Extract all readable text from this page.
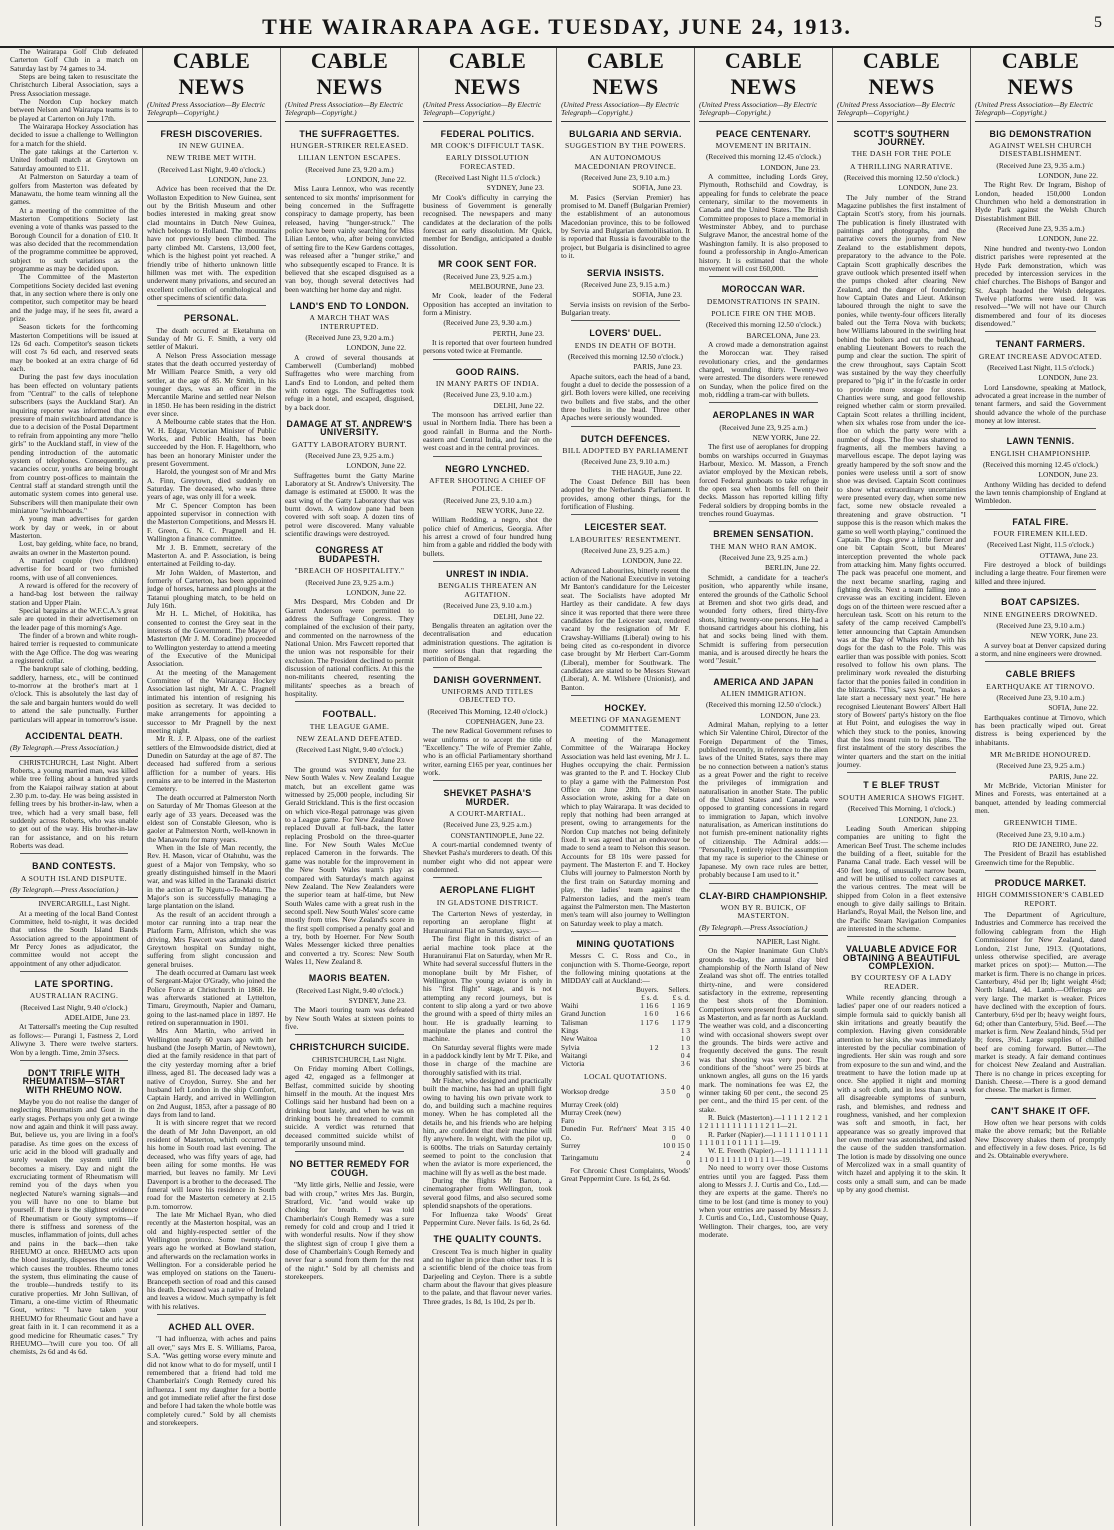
THE WAIRARAPA AGE. TUESDAY, JUNE 24, 1913.	5

The Wairarapa Golf Club defeated Carterton Golf Club in a match on Saturday last by 74 games to 34.

Steps are being taken to resuscitate the Christchurch Liberal Association, says a Press Association message.

The Nordon Cup hockey match between Nelson and Wairarapa teams is to be played at Carterton on July 17th.

The Wairarapa Hockey Association has decided to issue a challenge to Wellington for a match for the shield.

The gate takings at the Carterton v. United football match at Greytown on Saturday amounted to £11.

At Palmerston on Saturday a team of golfers from Masterton was defeated by Manawatu, the home team winning all the games.

At a meeting of the committee of the Masterton Competitions Society last evening a vote of thanks was passed to the Borough Council for a donation of £10. It was also decided that the recommendation of the programme committee be approved, subject to such variations as the programme as may be decided upon.

The Committee of the Masterton Competitions Society decided last evening that, in any section where there is only one competitor, such competitor may be heard and the judge may, if he sees fit, award a prize.

Season tickets for the forthcoming Masterton Competitions will be issued at 12s 6d each. Competitor's season tickets will cost 7s 6d each, and reserved seats may be booked at an extra charge of 6d each.

During the past few days inoculation has been effected on voluntary patients from "Central" to the calls of telephone subscribers (says the Auckland Star). An inquiring reporter was informed that the pressure of main switchboard attendance is due to a decision of the Postal Department to refrain from appointing any more "hello girls" to the Auckland staff, in view of the pending introduction of the automatic system of telephones. Consequently, as vacancies occur, youths are being brought from country post-offices to maintain the Central staff at standard strength until the automatic system comes into general use. Subscribers will then manipulate their own miniature "switchboards."

A young man advertises for garden work by day or week, in or about Masterton.

Lost, bay gelding, white face, no brand, awaits an owner in the Masterton pound.

A married couple (two children) advertise for board or two furnished rooms, with use of all conveniences.

A reward is offered for the recovery of a hand-bag lost between the railway station and Upper Plain.

Special bargains at the W.F.C.A.'s great sale are quoted in their advertisement on the leader page of this morning's Age.

The finder of a brown and white rough-haired terrier is requested to communicate with the Age Office. The dog was wearing a registered collar.

The bankrupt sale of clothing, bedding, saddlery, harness, etc., will be continued to-morrow at the brother's mart at 1 o'clock. This is absolutely the last day of the sale and bargain hunters would do well to attend the sale punctually. Further particulars will appear in tomorrow's issue.

ACCIDENTAL DEATH.
(By Telegraph.—Press Association.)

CHRISTCHURCH, Last Night. Albert Roberts, a young married man, was killed while tree felling about a hundred yards from the Kaiapoi railway station at about 2.30 p.m. to-day. He was being assisted in felling trees by his brother-in-law, when a tree, which had a very small base, fell suddenly across Roberts, who was unable to get out of the way. His brother-in-law ran for assistance, and on his return Roberts was dead.

BAND CONTESTS.
A SOUTH ISLAND DISPUTE.
(By Telegraph.—Press Association.)
INVERCARGILL, Last Night.

At a meeting of the local Band Contest Committee, held to-night, it was decided that unless the South Island Bands Association agreed to the appointment of Mr Percy Jones as adjudicator, the committee would not accept the appointment of any other adjudicator.

LATE SPORTING.
AUSTRALIAN RACING.
(Received Last Night, 9.40 o'clock.)
ADELAIDE, June 23.

At Tattersall's meeting the Cup resulted as follows:— Purangi 1, Fastness 2, Lord Aliwyne 3. There were twelve starters. Won by a length. Time, 2min 37secs.

DON'T TRIFLE WITH RHEUMATISM—START WITH RHEUMO NOW.

Maybe you do not realise the danger of neglecting Rheumatism and Gout in the early stages. Perhaps you only get a twinge now and again and think it will pass away. But, believe us, you are living in a fool's paradise. As time goes on the excess of uric acid in the blood will gradually and surely weaken the system until life becomes a misery. Day and night the excruciating torment of Rheumatism will remind you of the days when you neglected Nature's warning signals—and you will have no one to blame but yourself. If there is the slightest evidence of Rheumatism or Gouty symptoms—if there is stiffness and soreness of the muscles, inflammation of joints, dull aches and pains in the back—then take RHEUMO at once. RHEUMO acts upon the blood instantly, disperses the uric acid which causes the troubles. Rheumo tones the system, thus eliminating the cause of the trouble—hundreds testify to its curative properties. Mr John Sullivan, of Timaru, a one-time victim of Rheumatic Gout, writes: "I have taken your RHEUMO for Rheumatic Gout and have a great faith in it. I can recommend it as a good medicine for Rheumatic cases." Try RHEUMO—'twill cure you too. Of all chemists, 2s 6d and 4s 6d.

CABLE NEWS
(United Press Association—By Electric Telegraph—Copyright.)
FRESH DISCOVERIES.
IN NEW GUINEA.
NEW TRIBE MET WITH.
(Received Last Night, 9.40 o'clock.)
LONDON, June 23.

Advice has been received that the Dr. Wollaston Expedition to New Guinea, sent out by the British Museum and other bodies interested in making great snow clad mountains in Dutch New Guinea, which belongs to Holland. The mountains have not previously been climbed. The party climbed Mt. Carstens, 13,000 feet, which is the highest point yet reached. A friendly tribe of hitherto unknown little hillmen was met with. The expedition underwent many privations, and secured an excellent collection of ornithological and other specimens of scientific data.

PERSONAL.

The death occurred at Eketahuna on Sunday of Mr G. F. Smith, a very old settler of Makuri.

A Nelson Press Association message states that the death occurred yesterday of Mr William Pearce Smith, a very old settler, at the age of 85. Mr Smith, in his younger days, was an officer in the Mercantile Marine and settled near Nelson in 1850. He has been residing in the district ever since.

A Melbourne cable states that the Hon. W. H. Edgar, Victorian Minister of Public Works, and Public Health, has been succeeded by the Hon. F. Hagelthorn, who has been an honorary Minister under the present Government.

Harold, the youngest son of Mr and Mrs A. Finn, Greytown, died suddenly on Saturday. The deceased, who was three years of age, was only ill for a week.

Mr C. Spencer Compton has been appointed supervisor in connection with the Masterton Competitions, and Messrs H. F. Green, G. N. C. Pragnell and H. Wallington a finance committee.

Mr J. B. Emmett, secretary of the Masterton A. and P. Association, is being entertained at Feilding to-day.

Mr John Walden, of Masterton, and formerly of Carterton, has been appointed judge of horses, harness and ploughs at the Tatanui ploughing match, to be held on July 16th.

Mr H. L. Michel, of Hokitika, has consented to contest the Grey seat in the interests of the Government. The Mayor of Masterton (Mr J. M. Coradine) proceeded to Wellington yesterday to attend a meeting of the Executive of the Municipal Association.

At the meeting of the Management Committee of the Wairarapa Hockey Association last night, Mr A. C. Pragnell intimated his intention of resigning his position as secretary. It was decided to make arrangements for appointing a successor to Mr Pragnell by the next meeting night.

Mr R. J. P. Alpass, one of the earliest settlers of the Elmwoodside district, died at Dunedin on Saturday at the age of 87. The deceased had suffered from a serious affliction for a number of years. His remains are to be interred in the Masterton Cemetery.

The death occurred at Palmerston North on Saturday of Mr Thomas Gleeson at the early age of 33 years. Deceased was the eldest son of Constable Gleeson, who is gaoler at Palmerston North, well-known in the Manawatu for many years.

When in the Isle of Man recently, the Rev. H. Mason, vicar of Otahuhu, was the guest of a Major von Tempsky, who so greatly distinguished himself in the Maori war, and was killed in the Taranaki district in the action at Te Ngutu-o-Te-Manu. The Major's son is successfully managing a large plantation on the island.

As the result of an accident through a motor car running into a trap near the Platform Farm, Alfriston, which she was driving, Mrs Fawcett was admitted to the Greytown hospital on Sunday night, suffering from slight concussion and general bruises.

The death occurred at Oamaru last week of Sergeant-Major O'Grady, who joined the Police Force at Christchurch in 1868. He was afterwards stationed at Lyttelton, Timaru, Greymouth, Napier and Oamaru, going to the last-named place in 1897. He retired on superannuation in 1901.

Mrs Ann Martin, who arrived in Wellington nearly 60 years ago with her husband (the Joseph Martin, of Newtown), died at the family residence in that part of the city yesterday morning after a brief illness, aged 81. The deceased lady was a native of Croydon, Surrey. She and her husband left London in the ship Comfort, Captain Hardy, and arrived in Wellington on 2nd August, 1853, after a passage of 80 days from land to land.

It is with sincere regret that we record the death of Mr John Davenport, an old resident of Masterton, which occurred at his home in South road last evening. The deceased, who was fifty years of age, had been ailing for some months. He was married, but leaves no family. Mr Levi Davenport is a brother to the deceased. The funeral will leave his residence in South road for the Masterton cemetery at 2.15 p.m. tomorrow.

The late Mr Michael Ryan, who died recently at the Masterton hospital, was an old and highly-respected settler of the Wellington province. Some twenty-four years ago he worked at Bowland station, and afterwards on the reclamation works in Wellington. For a considerable period he was employed on stations on the Taueru-Brancepeth section of road and this caused his death. Deceased was a native of Ireland and leaves a widow. Much sympathy is felt with his relatives.

ACHED ALL OVER.

"I had influenza, with aches and pains all over," says Mrs E. S. Williams, Paroa, S.A. "Was getting worse every minute and did not know what to do for myself, until I remembered that a friend had told me Chamberlain's Cough Remedy cured his influenza. I sent my daughter for a bottle and got immediate relief after the first dose and before I had taken the whole bottle was completely cured." Sold by all chemists and storekeepers.

CABLE NEWS
(United Press Association—By Electric Telegraph—Copyright.)
THE SUFFRAGETTES.
HUNGER-STRIKER RELEASED.
LILIAN LENTON ESCAPES.
(Received June 23, 9.20 a.m.)
LONDON, June 22.

Miss Laura Lennox, who was recently sentenced to six months' imprisonment for being concerned in the Suffragette conspiracy to damage property, has been released, having "hunger-struck." The police have been vainly searching for Miss Lilian Lenton, who, after being convicted of setting fire to the Kew Gardens cottages, was released after a "hunger strike," and who subsequently escaped to France. It is believed that she escaped disguised as a van boy, though several detectives had been watching her home day and night.

LAND'S END TO LONDON.
A MARCH THAT WAS INTERRUPTED.
(Received June 23, 9.20 a.m.)
LONDON, June 22.

A crowd of several thousands at Camberwell (Cumberland) mobbed Suffragettes who were marching from Land's End to London, and pelted them with rotten eggs. The Suffragettes took refuge in a hotel, and escaped, disguised, by a back door.

DAMAGE AT ST. ANDREW'S UNIVERSITY.
GATTY LABORATORY BURNT.
(Received June 23, 9.25 a.m.)
LONDON, June 22.

Suffragettes burnt the Gatty Marine Laboratory at St. Andrew's University. The damage is estimated at £5000. It was the east wing of the Gatty Laboratory that was burnt down. A window pane had been covered with soft soap. A dozen tins of petrol were discovered. Many valuable scientific drawings were destroyed.

CONGRESS AT BUDAPESTH.
"BREACH OF HOSPITALITY."
(Received June 23, 9.25 a.m.)
LONDON, June 22.

Mrs Despard, Mrs Cobden and Dr Garrett Anderson were permitted to address the Suffrage Congress. They complained of the exclusion of their party, and commented on the narrowness of the National Union. Mrs Fawcett reported that the union was not responsible for their exclusion. The President declined to permit discussion of national conflicts. At this the non-militants cheered, resenting the militants' speeches as a breach of hospitality.

FOOTBALL.
THE LEAGUE GAME.
NEW ZEALAND DEFEATED.
(Received Last Night, 9.40 o'clock.)
SYDNEY, June 23.

The ground was very muddy for the New South Wales v. New Zealand League match, but an excellent game was witnessed by 25,000 people, including Sir Gerald Strickland. This is the first occasion on which vice-Regal patronage was given to a League game. For New Zealand Rowe replaced Duvall at full-back, the latter replacing Prosbold on the three-quarter line. For New South Wales McCue replaced Cameron in the forwards. The game was notable for the improvement in the New South Wales team's play as compared with Saturday's match against New Zealand. The New Zealanders were the superior team at half-time, but New South Wales came with a great rush in the second spell. New South Wales' score came mostly from tries. New Zealand's score in the first spell comprised a penalty goal and a try, both by Hoerner. For New South Wales Messenger kicked three penalties and converted a try. Scores: New South Wales 11, New Zealand 8.

MAORIS BEATEN.
(Received Last Night, 9.40 o'clock.)
SYDNEY, June 23.

The Maori touring team was defeated by New South Wales at sixteen points to five.

CHRISTCHURCH SUICIDE.
CHRISTCHURCH, Last Night.

On Friday morning Albert Collings, aged 42, engaged as a fellmonger at Belfast, committed suicide by shooting himself in the mouth. At the inquest Mrs Collings said her husband had been on a drinking bout lately, and when he was on drinking bouts he threatened to commit suicide. A verdict was returned that deceased committed suicide whilst of temporarily unsound mind.

NO BETTER REMEDY FOR COUGH.

"My little girls, Nellie and Jessie, were bad with croup," writes Mrs Jas. Burgin, Stratford, Vic. "and would wake up choking for breath. I was told Chamberlain's Cough Remedy was a sure remedy for cold and croup and I tried it with wonderful results. Now if they show the slightest sign of croup I give them a dose of Chamberlain's Cough Remedy and never fear a sound from them for the rest of the night." Sold by all chemists and storekeepers.

CABLE NEWS
(United Press Association—By Electric Telegraph—Copyright.)
FEDERAL POLITICS.
MR COOK'S DIFFICULT TASK.
EARLY DISSOLUTION FORECASTED.
(Received Last Night 11.5 o'clock.)
SYDNEY, June 23.

Mr Cook's difficulty in carrying the business of Government is generally recognised. The newspapers and many candidates at the declaration of the polls forecast an early dissolution. Mr Quick, member for Bendigo, anticipated a double dissolution.

MR COOK SENT FOR.
(Received June 23, 9.25 a.m.)
MELBOURNE, June 23.

Mr Cook, leader of the Federal Opposition has accepted an invitation to form a Ministry.

(Received June 23, 9.30 a.m.)
PERTH, June 23.

It is reported that over fourteen hundred persons voted twice at Fremantle.

GOOD RAINS.
IN MANY PARTS OF INDIA.
(Received June 23, 9.10 a.m.)
DELHI, June 22.

The monsoon has arrived earlier than usual in Northern India. There has been a good rainfall in Burma and the North-eastern and Central India, and fair on the west coast and in the central provinces.

NEGRO LYNCHED.
AFTER SHOOTING A CHIEF OF POLICE.
(Received June 23, 9.10 a.m.)
NEW YORK, June 22.

William Redding, a negro, shot the police chief of Americus, Georgia. After his arrest a crowd of four hundred hung him from a gable and riddled the body with bullets.

UNREST IN INDIA.
BENGALIS THREATEN AN AGITATION.
(Received June 23, 9.10 a.m.)
DELHI, June 22.

Bengalis threaten an agitation over the decentralisation and education administration questions. The agitation is more serious than that regarding the partition of Bengal.

DANISH GOVERNMENT.
UNIFORMS AND TITLES OBJECTED TO.
(Received This Morning, 12.40 o'clock.)
COPENHAGEN, June 23.

The new Radical Government refuses to wear uniforms or to accept the title of "Excellency." The wife of Premier Zahle, who is an official Parliamentary shorthand writer, earning £165 per year, continues her work.

SHEVKET PASHA'S MURDER.
A COURT-MARTIAL.
(Received June 23, 9.25 a.m.)
CONSTANTINOPLE, June 22.

A court-martial condemned twenty of Shevket Pasha's murderers to death. Of this number eight who did not appear were condemned.

AEROPLANE FLIGHT
IN GLADSTONE DISTRICT.

The Carterton News of yesterday, in reporting an aeroplane flight at Huranuiranui Flat on Saturday, says:—

The first flight in this district of an aerial machine took place at the Huranuiranui Flat on Saturday, when Mr R. White had several successful flutters in the monoplane built by Mr Fisher, of Wellington. The young aviator is only in his "first flight" stage, and is not attempting any record journeys, but is content to slip along a yard or two above the ground with a speed of thirty miles an hour. He is gradually learning to manipulate the planes and control the machine.

On Saturday several flights were made in a paddock kindly lent by Mr T. Pike, and those in charge of the machine are thoroughly satisfied with its trial.

Mr Fisher, who designed and practically built the machine, has had an uphill fight owing to having his own private work to do, and building such a machine requires money. When he has completed all the details he, and his friends who are helping him, are confident that their machine will fly anywhere. In weight, with the pilot up, is 600lbs. The trials on Saturday certainly seemed to point to the conclusion that when the aviator is more experienced, the machine will fly as well as the best made.

During the flights Mr Barton, a cinematographer from Wellington, took several good films, and also secured some splendid snapshots of the operations.

For Influenza take Woods' Great Peppermint Cure. Never fails. 1s 6d, 2s 6d.

THE QUALITY COUNTS.

Crescent Tea is much higher in quality and no higher in price than other teas. It is a scientific blend of the choice teas from Darjeeling and Ceylon. There is a subtle charm about the flavour that gives pleasure to the palate, and that flavour never varies. Three grades, 1s 8d, 1s 10d, 2s per lb.

CABLE NEWS
(United Press Association—By Electric Telegraph—Copyright.)
BULGARIA AND SERVIA.
SUGGESTION BY THE POWERS.
AN AUTONOMOUS MACEDONIAN PROVINCE.
(Received June 23, 9.10 a.m.)
SOFIA, June 23.

M. Pasics (Servian Premier) has promised to M. Daneff (Bulgarian Premier) the establishment of an autonomous Macedonian province, this to be followed by Servia and Bulgarian demobilisation. It is reported that Russia is favourable to the project, but Bulgaria is disinclined to agree to it.

SERVIA INSISTS.
(Received June 23, 9.15 a.m.)
SOFIA, June 23.

Servia insists on revision of the Serbo-Bulgarian treaty.

LOVERS' DUEL.
ENDS IN DEATH OF BOTH.
(Received this morning 12.50 o'clock.)
PARIS, June 23.

Apache suitors, each the head of a band, fought a duel to decide the possession of a girl. Both lovers were killed, one receiving two bullets and five stabs, and the other three bullets in the head. Three other Apaches were seriously wounded.

DUTCH DEFENCES.
BILL ADOPTED BY PARLIAMENT
(Received June 23, 9.10 a.m.)
THE HAGUE, June 22.

The Coast Defence Bill has been adopted by the Netherlands Parliament. It provides, among other things, for the fortification of Flushing.

LEICESTER SEAT.
LABOURITES' RESENTMENT.
(Received June 23, 9.25 a.m.)
LONDON, June 22.

Advanced Labourites, bitterly resent the action of the National Executive in vetoing Mr Banton's candidature for the Leicester seat. The Socialists have adopted Mr Hartley as their candidate. A few days since it was reported that there were three candidates for the Leicester seat, rendered vacant by the resignation of Mr F. Crawshay-Williams (Liberal) owing to his being cited as co-respondent in divorce case brought by Mr Herbert Carr-Gomm (Liberal), member for Southwark. The candidates are stated to be Messrs Stewart (Liberal), A. M. Wilshere (Unionist), and Banton.

HOCKEY.
MEETING OF MANAGEMENT COMMITTEE.

A meeting of the Management Committee of the Wairarapa Hockey Association was held last evening, Mr J. L. Hughes occupying the chair. Permission was granted to the P. and T. Hockey Club to play a game with the Palmerston Post Office on June 28th. The Nelson Association wrote, asking for a date on which to play Wairarapa. It was decided to reply that nothing had been arranged at present, owing to arrangements for the Nordon Cup matches not being definitely fixed. It was agreed that an endeavour be made to send a team to Nelson this season. Accounts for £8 10s were passed for payment. The Masterton F. and T. Hockey Clubs will journey to Palmerston North by the first train on Saturday morning and play, the ladies' team against the Palmerston ladies, and the men's team against the Palmerston men. The Masterton men's team will also journey to Wellington on Saturday week to play a match.

MINING QUOTATIONS

Messrs C. C. Ross and Co., in conjunction with S. Thorne-George, report the following mining quotations at the MIDDAY call at Auckland:—

	Buyers.	Sellers.
	£ s. d.	£ s. d.
Waihi	1 16 6	1 16 9
Grand Junction	1 6 0	1 6 6
Talisman	1 17 6	1 17 9
Kings		1 3
New Waitoa		1 0
Sylvia	1 2	1 3
Waitangi		0 4
Victoria		3 6
LOCAL QUOTATIONS.
Worksop dredge	3 5 0	4 0 0
Murray Creek (old)		
Murray Creek (new)		
Faro		
Dunedin Fur. Refr'ners' Meat Co.	3 15 0	4 0 0
Surrey	10 0	15 0
Taringamutu		2 4 0

For Chronic Chest Complaints, Woods' Great Peppermint Cure. 1s 6d, 2s 6d.

CABLE NEWS
(United Press Association—By Electric Telegraph—Copyright.)
PEACE CENTENARY.
MOVEMENT IN BRITAIN.
(Received this morning 12.45 o'clock.)
LONDON, June 23.

A committee, including Lords Grey, Plymouth, Rothschild and Cowdray, is appealing for funds to celebrate the peace centenary, similar to the movements in Canada and the United States. The British Committee proposes to place a memorial in Westminster Abbey, and to purchase Sulgrave Manor, the ancestral home of the Washington family. It is also proposed to found a professorship in Anglo-American history. It is estimated that the whole movement will cost £60,000.

MOROCCAN WAR.
DEMONSTRATIONS IN SPAIN.
POLICE FIRE ON THE MOB.
(Received this morning 12.50 o'clock.)
BARCELONA, June 23.

A crowd made a demonstration against the Moroccan war. They raised revolutionary cries, and the gendarmes charged, wounding thirty. Twenty-two were arrested. The disorders were renewed on Sunday, when the police fired on the mob, riddling a tram-car with bullets.

AEROPLANES IN WAR
(Received June 23, 9.25 a.m.)
NEW YORK, June 22.

The first use of aeroplanes for dropping bombs on warships occurred in Guaymas Harbour, Mexico. M. Masson, a French aviator employed by the Mexican rebels, forced Federal gunboats to take refuge in the open sea when bombs fell on their decks. Masson has reported killing fifty Federal soldiers by dropping bombs in the trenches round Guaymas.

BREMEN SENSATION.
THE MAN WHO RAN AMOK.
(Received June 23, 9.25 a.m.)
BERLIN, June 22.

Schmidt, a candidate for a teacher's position, who apparently while insane, entered the grounds of the Catholic School at Bremen and shot two girls dead, and wounded forty others, fired thirty-five shots, hitting twenty-one persons. He had a thousand cartridges about his clothing, his hat and socks being lined with them. Schmidt is suffering from persecution mania, and is aroused directly he hears the word "Jesuit."

AMERICA AND JAPAN
ALIEN IMMIGRATION.
(Received this morning 12.50 o'clock.)
LONDON, June 23.

Admiral Mahan, replying to a letter which Sir Valentine Chirol, Director of the Foreign Department of the Times, published recently, in reference to the alien laws of the United States, says there may be no connection between a nation's status as a great Power and the right to receive the privileges of immigration and naturalisation in another State. The public of the United States and Canada were opposed to granting concessions in regard to immigration to Japan, which involve naturalisation, as American institutions do not furnish pre-eminent nationality rights of citizenship. The Admiral adds:— "Personally, I entirely reject the assumption that my race is superior to the Chinese or Japanese. My own race rules are better, probably because I am used to it."

CLAY-BIRD CHAMPIONSHIP.
WON BY R. BUICK, OF MASTERTON.
(By Telegraph.—Press Association.)
NAPIER, Last Night.

On the Napier Inanimate Gun Club's grounds to-day, the annual clay bird championship of the North Island of New Zealand was shot off. The entries totalled thirty-nine, and were considered satisfactory in the extreme, representing the best shots of the Dominion. Competitors were present from as far south as Masterton, and as far north as Auckland. The weather was cold, and a disconcerting wind with occasional showers swept over the grounds. The birds were active and frequently deceived the guns. The result was that shooting was very poor. The conditions of the "shoot" were 25 birds at unknown angles, all guns on the 16 yards mark. The nominations fee was £2, the winner taking 60 per cent., the second 25 per cent., and the third 15 per cent. of the stake.

R. Buick (Masterton).—1 1 1 1 2 1 2 1 1 2 1 1 1 1 1 1 1 1 1 1 2 1 1—21.

R. Parker (Napier).—1 1 1 1 1 1 0 1 1 1 1 1 1 0 1 1 0 1 1 1 1 1—19.

W. E. Freeth (Napier).—1 1 1 1 1 1 1 1 1 1 0 1 1 1 1 1 1 0 1 1 1 1—19.

No need to worry over those Customs entries until you are fagged. Pass them along to Messrs J. J. Curtis and Co., Ltd.—they are experts at the game. There's no time to be lost (and time is money to you) when your entries are passed by Messrs J. J. Curtis and Co., Ltd., Customhouse Quay, Wellington. Their charges, too, are very moderate.

CABLE NEWS
(United Press Association—By Electric Telegraph—Copyright.)
SCOTT'S SOUTHERN JOURNEY.
THE DASH FOR THE POLE
A THRILLING NARRATIVE.
(Received this morning 12.50 o'clock.)
LONDON, June 23.

The July number of the Strand Magazine publishes the first instalment of Captain Scott's story, from his journals. The publication is finely illustrated with paintings and photographs, and the narrative covers the journey from New Zealand to the establishment depots, preparatory to the advance to the Pole. Captain Scott graphically describes the grave outlook which presented itself when the pumps choked after clearing New Zealand, and the danger of foundering; how Captain Oates and Lieut. Atkinson laboured through the night to save the ponies, while twenty-four officers literally baled out the Terra Nova with buckets; how Williams laboured in the swirling heat behind the boilers and cut the bulkhead, enabling Lieutenant Bowers to reach the pump and clear the suction. The spirit of the crew throughout, says Captain Scott was sustained by the way they cheerfully prepared to "pig it" in the fo'castle in order to provide more storage for stores. Chanties were sung, and good fellowship reigned whether calm or storm prevailed. Captain Scott relates a thrilling incident, when six whales rose from under the ice-floe on which the party were with a number of dogs. The floe was shattered to fragments, all the members having a marvellous escape. The depot laying was greatly hampered by the soft snow and the ponies were useless until a sort of snow shoe was devised. Captain Scott continues to show what extraordinary uncertainties were presented every day, when some new fact, some new obstacle revealed a threatening and grave obstruction. "I suppose this is the reason which makes the game so well worth playing," continued the Captain. The dogs grew a little fiercer and one bit Captain Scott, but Meares' interception prevented the whole pack from attacking him. Many fights occurred. The pack was peaceful one moment, and the next became snarling, raging and fighting devils. Next a team falling into a crevasse was an exciting incident. Eleven dogs on of the thirteen were rescued after a herculean task. Scott on his return to the safety of the camp received Campbell's letter announcing that Captain Amundsen was at the Bay of Whales ready with his dogs for the dash to the Pole. This was earlier than was possible with ponies. Scott resolved to follow his own plans. The preliminary work revealed the disturbing factor that the ponies failed in condition in the blizzards. "This," says Scott, "makes a late start a necessary next year." He here recognised Lieutenant Bowers' Albert Hall story of Bowers' party's history on the floe at Hut Point, and eulogises the way in which they stuck to the ponies, knowing that the loss meant ruin to his plans. The first instalment of the story describes the winter quarters and the start on the initial journey.

T E BLEF TRUST
SOUTH AMERICA SHOWS FIGHT.
(Received This Morning, 1 o'clock.)
LONDON, June 23.

Leading South American shipping companies are uniting to fight the American Beef Trust. The scheme includes the building of a fleet, suitable for the Panama Canal trade. Each vessel will be 450 feet long, of unusually narrow beam, and will be utilised to collect carcases at the various centres. The meat will be shipped from Colon in a fleet extensive enough to give daily sailings to Britain. Harland's, Royal Mail, the Nelson line, and the Pacific Steam Navigation Companies are interested in the scheme.

VALUABLE ADVICE FOR OBTAINING A BEAUTIFUL COMPLEXION.
BY COURTESY OF A LADY READER.

While recently glancing through a ladies' paper one of our readers noticed a simple formula said to quickly banish all skin irritations and greatly beautify the complexion. Having given considerable attention to her skin, she was immediately interested by the peculiar combination of ingredients. Her skin was rough and sore from exposure to the sun and wind, and the treatment to have the lotion made up at once. She applied it night and morning with a soft cloth, and in less than a week all disagreeable symptoms of sunburn, rash, and blemishes, and redness and roughness, vanished, and her complexion was soft and smooth, in fact, her appearance was so greatly improved that her own mother was astonished, and asked the cause of the sudden transformation. The lotion is made by dissolving one ounce of Mercolized wax in a small quantity of witch hazel and applying it to the skin. It costs only a small sum, and can be made up by any good chemist.

CABLE NEWS
(United Press Association—By Electric Telegraph—Copyright.)
BIG DEMONSTRATION
AGAINST WELSH CHURCH DISESTABLISHMENT.
(Received June 23, 9.35 a.m.)
LONDON, June 22.

The Right Rev. Dr Ingram, Bishop of London, headed 150,000 London Churchmen who held a demonstration in Hyde Park against the Welsh Church Disestablishment Bill.

(Received June 23, 9.35 a.m.)
LONDON, June 22.

Nine hundred and twenty-two London district parishes were represented at the Hyde Park demonstration, which was preceded by intercession services in the chief churches. The Bishops of Bangor and St. Asaph headed the Welsh delegates. Twelve platforms were used. It was resolved—"We will not have our Church dismembered and four of its dioceses disendowed."

TENANT FARMERS.
GREAT INCREASE ADVOCATED.
(Received Last Night, 11.5 o'clock.)
LONDON, June 23.

Lord Lansdowne, speaking at Matlock, advocated a great increase in the number of tenant farmers, and said the Government should advance the whole of the purchase money at low interest.

LAWN TENNIS.
ENGLISH CHAMPIONSHIP.
(Received this morning 12.45 o'clock.)
LONDON, June 23.

Anthony Wilding has decided to defend the lawn tennis championship of England at Wimbledon.

FATAL FIRE.
FOUR FIREMEN KILLED.
(Received Last Night, 11.5 o'clock.)
OTTAWA, June 23.

Fire destroyed a block of buildings including a large theatre. Four firemen were killed and three injured.

BOAT CAPSIZES.
NINE ENGINEERS DROWNED.
(Received June 23, 9.10 a.m.)
NEW YORK, June 23.

A survey boat at Denver capsized during a storm, and nine engineers were drowned.

CABLE BRIEFS
EARTHQUAKE AT TIRNOVO.
(Received June 23, 9.10 a.m.)
SOFIA, June 22.

Earthquakes continue at Tirnovo, which has been practically wiped out. Great distress is being experienced by the inhabitants.

MR McBRIDE HONOURED.
(Received June 23, 9.25 a.m.)
PARIS, June 22.

Mr McBride, Victorian Minister for Mines and Forests, was entertained at a banquet, attended by leading commercial men.

GREENWICH TIME.
(Received June 23, 9.10 a.m.)
RIO DE JANEIRO, June 22.

The President of Brazil has established Greenwich time for the Republic.

PRODUCE MARKET.
HIGH COMMISSIONER'S CABLED REPORT.

The Department of Agriculture, Industries and Commerce has received the following cablegram from the High Commissioner for New Zealand, dated London, 21st June, 1913. (Quotations, unless otherwise specified, are average market prices on spot):— Mutton.—The market is firm. There is no change in prices. Canterbury, 4¼d per lb; light weight 4¼d; North Island, 4d. Lamb.—Offerings are very large. The market is weaker. Prices have declined with the exception of fours. Canterbury, 6½d per lb; heavy weight fours, 6d; other than Canterbury, 5¾d. Beef.—The market is firm. New Zealand hinds, 5¼d per lb; fores, 3¾d. Large supplies of chilled beef are coming forward. Butter.—The market is steady. A fair demand continues for choicest New Zealand and Australian. There is no change in prices excepting for Danish. Cheese.—There is a good demand for cheese. The market is firmer.

CAN'T SHAKE IT OFF.

How often we hear persons with colds make the above remark; but the Reliable New Discovery shakes them of promptly and effectively in a few doses. Price, 1s 6d and 2s. Obtainable everywhere.
